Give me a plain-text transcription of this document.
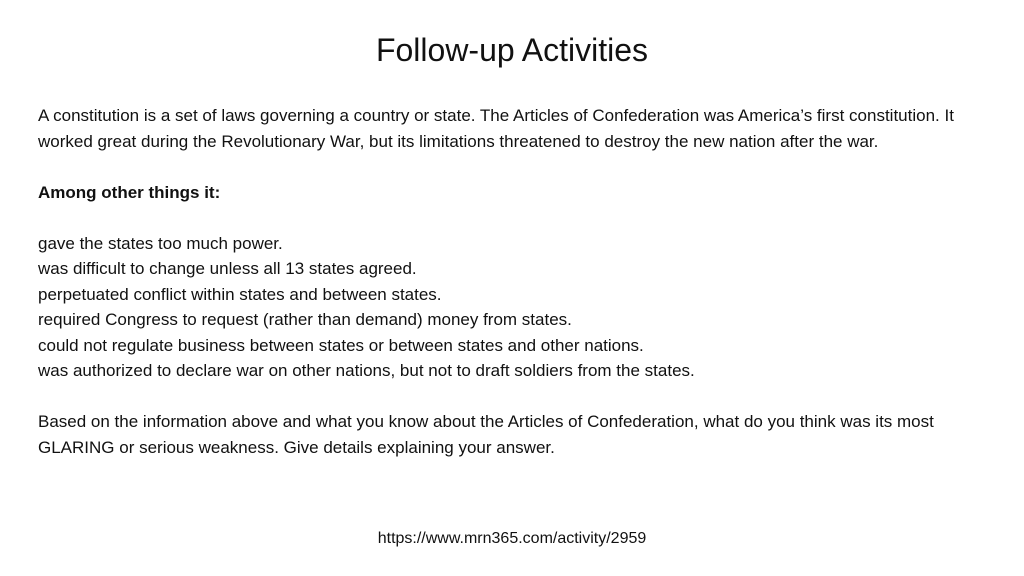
Follow-up Activities

A constitution is a set of laws governing a country or state. The Articles of Confederation was America’s first constitution. It worked great during the Revolutionary War, but its limitations threatened to destroy the new nation after the war.

Among other things it:

gave the states too much power.

was difficult to change unless all 13 states agreed.

perpetuated conflict within states and between states.

required Congress to request (rather than demand) money from states.

could not regulate business between states or between states and other nations.

was authorized to declare war on other nations, but not to draft soldiers from the states.

Based on the information above and what you know about the Articles of Confederation, what do you think was its most GLARING or serious weakness. Give details explaining your answer.

https://www.mrn365.com/activity/2959
